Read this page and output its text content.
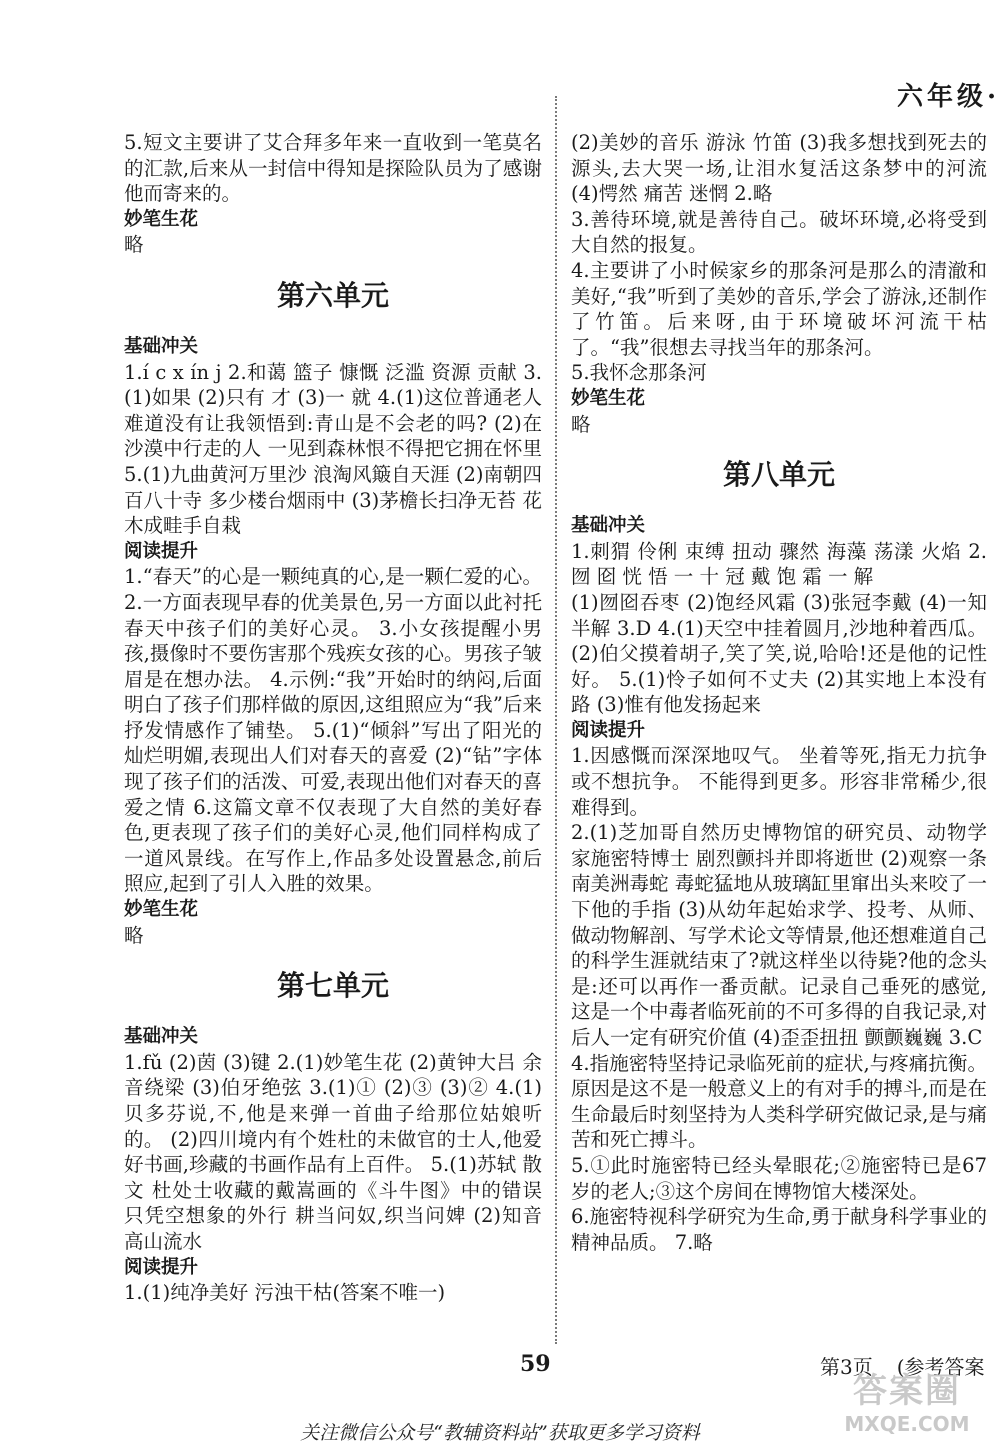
六年级·

5.短文主要讲了艾合拜多年来一直收到一笔莫名的汇款,后来从一封信中得知是探险队员为了感谢他而寄来的。

妙笔生花

略

第六单元

基础冲关

1.í c x ín j 2.和蔼 篮子 慷慨 泛滥 资源 贡献 3.(1)如果 (2)只有 才 (3)一 就 4.(1)这位普通老人难道没有让我领悟到:青山是不会老的吗? (2)在沙漠中行走的人 一见到森林恨不得把它拥在怀里 5.(1)九曲黄河万里沙 浪淘风簸自天涯 (2)南朝四百八十寺 多少楼台烟雨中 (3)茅檐长扫净无苔 花木成畦手自栽

阅读提升

1.“春天”的心是一颗纯真的心,是一颗仁爱的心。 2.一方面表现早春的优美景色,另一方面以此衬托春天中孩子们的美好心灵。 3.小女孩提醒小男孩,摄像时不要伤害那个残疾女孩的心。男孩子皱眉是在想办法。 4.示例:“我”开始时的纳闷,后面明白了孩子们那样做的原因,这组照应为“我”后来抒发情感作了铺垫。 5.(1)“倾斜”写出了阳光的灿烂明媚,表现出人们对春天的喜爱 (2)“钻”字体现了孩子们的活泼、可爱,表现出他们对春天的喜爱之情 6.这篇文章不仅表现了大自然的美好春色,更表现了孩子们的美好心灵,他们同样构成了一道风景线。在写作上,作品多处设置悬念,前后照应,起到了引人入胜的效果。

妙笔生花

略

第七单元

基础冲关

1.fǔ (2)茵 (3)键 2.(1)妙笔生花 (2)黄钟大吕 余音绕梁 (3)伯牙绝弦 3.(1)① (2)③ (3)② 4.(1)贝多芬说,不,他是来弹一首曲子给那位姑娘听的。 (2)四川境内有个姓杜的未做官的士人,他爱好书画,珍藏的书画作品有上百件。 5.(1)苏轼 散文 杜处士收藏的戴嵩画的《斗牛图》中的错误 只凭空想象的外行 耕当问奴,织当问婢 (2)知音 高山流水

阅读提升

1.(1)纯净美好 污浊干枯(答案不唯一)

(2)美妙的音乐 游泳 竹笛 (3)我多想找到死去的源头,去大哭一场,让泪水复活这条梦中的河流 (4)愕然 痛苦 迷惘 2.略

3.善待环境,就是善待自己。破坏环境,必将受到大自然的报复。

4.主要讲了小时候家乡的那条河是那么的清澈和美好,“我”听到了美妙的音乐,学会了游泳,还制作了竹笛。后来呀,由于环境破坏河流干枯了。“我”很想去寻找当年的那条河。

5.我怀念那条河

妙笔生花

略

第八单元

基础冲关

1.刺猬 伶俐 束缚 扭动 骤然 海藻 荡漾 火焰 2.囫 囵 恍 悟 一 十 冠 戴 饱 霜 一 解

(1)囫囵吞枣 (2)饱经风霜 (3)张冠李戴 (4)一知半解 3.D 4.(1)天空中挂着圆月,沙地种着西瓜。 (2)伯父摸着胡子,笑了笑,说,哈哈!还是他的记性好。 5.(1)怜子如何不丈夫 (2)其实地上本没有路 (3)惟有他发扬起来

阅读提升

1.因感慨而深深地叹气。 坐着等死,指无力抗争或不想抗争。 不能得到更多。形容非常稀少,很难得到。

2.(1)芝加哥自然历史博物馆的研究员、动物学家施密特博士 剧烈颤抖并即将逝世 (2)观察一条南美洲毒蛇 毒蛇猛地从玻璃缸里窜出头来咬了一下他的手指 (3)从幼年起始求学、投考、从师、做动物解剖、写学术论文等情景,他还想难道自己的科学生涯就结束了?就这样坐以待毙?他的念头是:还可以再作一番贡献。记录自己垂死的感觉,这是一个中毒者临死前的不可多得的自我记录,对后人一定有研究价值 (4)歪歪扭扭 颤颤巍巍 3.C

4.指施密特坚持记录临死前的症状,与疼痛抗衡。原因是这不是一般意义上的有对手的搏斗,而是在生命最后时刻坚持为人类科学研究做记录,是与痛苦和死亡搏斗。

5.①此时施密特已经头晕眼花;②施密特已是67岁的老人;③这个房间在博物馆大楼深处。

6.施密特视科学研究为生命,勇于献身科学事业的精神品质。 7.略

59	第3页 (参考答案
答案圈
MXQE.COM
关注微信公众号“教辅资料站”获取更多学习资料
